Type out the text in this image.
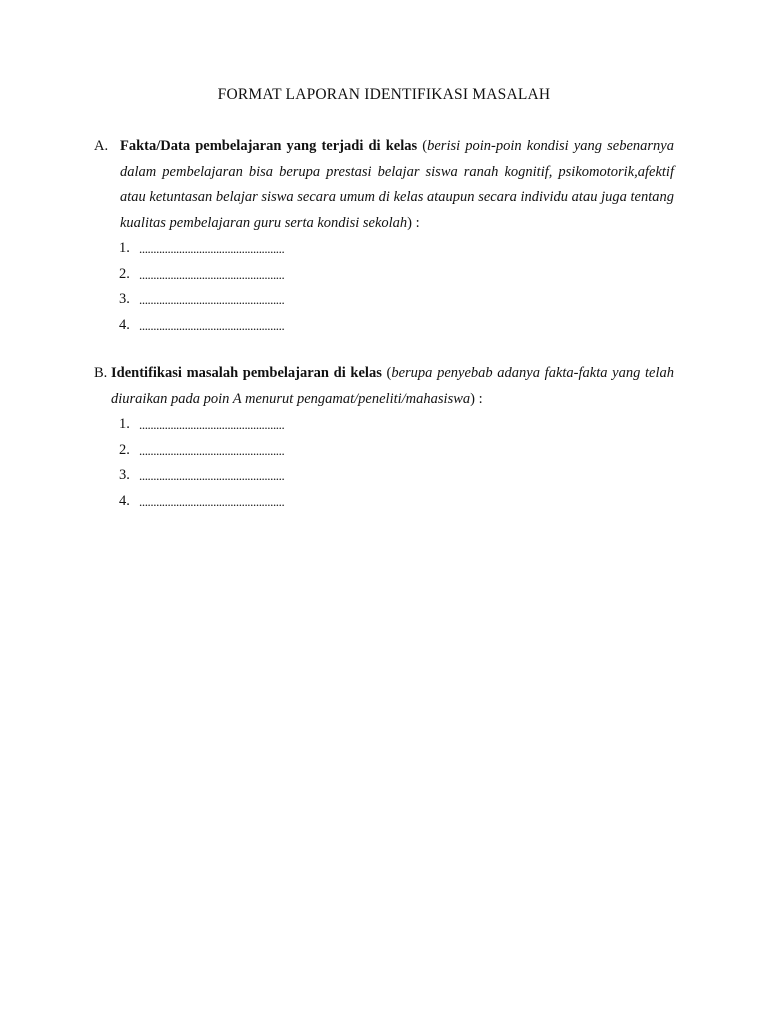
FORMAT LAPORAN IDENTIFIKASI MASALAH
A. Fakta/Data pembelajaran yang terjadi di kelas (berisi poin-poin kondisi yang sebenarnya dalam pembelajaran bisa berupa prestasi belajar siswa ranah kognitif, psikomotorik,afektif atau ketuntasan belajar siswa secara umum di kelas ataupun secara individu atau juga tentang kualitas pembelajaran guru serta kondisi sekolah) :
1. ...................................................
2. ...................................................
3. ...................................................
4. ...................................................
B. Identifikasi masalah pembelajaran di kelas (berupa penyebab adanya fakta-fakta yang telah diuraikan pada poin A menurut pengamat/peneliti/mahasiswa) :
1. ...................................................
2. ...................................................
3. ...................................................
4. ...................................................
